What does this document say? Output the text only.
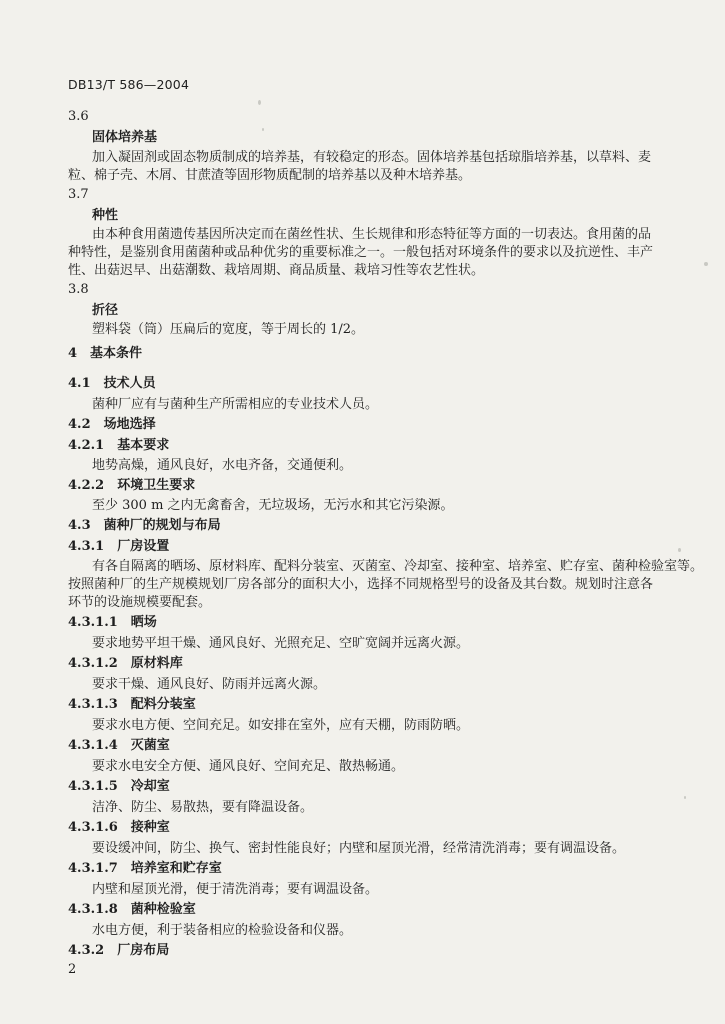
DB13/T 586—2004
3.6
固体培养基
加入凝固剂或固态物质制成的培养基，有较稳定的形态。固体培养基包括琼脂培养基，以草料、麦
粒、棉子壳、木屑、甘蔗渣等固形物质配制的培养基以及种木培养基。
3.7
种性
由本种食用菌遗传基因所决定而在菌丝性状、生长规律和形态特征等方面的一切表达。食用菌的品
种特性，是鉴别食用菌菌种或品种优劣的重要标准之一。一般包括对环境条件的要求以及抗逆性、丰产
性、出菇迟早、出菇潮数、栽培周期、商品质量、栽培习性等农艺性状。
3.8
折径
塑料袋（筒）压扁后的宽度，等于周长的 1/2。
4　基本条件
4.1　技术人员
菌种厂应有与菌种生产所需相应的专业技术人员。
4.2　场地选择
4.2.1　基本要求
地势高燥，通风良好，水电齐备，交通便利。
4.2.2　环境卫生要求
至少 300 m 之内无禽畜舍，无垃圾场，无污水和其它污染源。
4.3　菌种厂的规划与布局
4.3.1　厂房设置
有各自隔离的晒场、原材料库、配料分装室、灭菌室、冷却室、接种室、培养室、贮存室、菌种检验室等。
按照菌种厂的生产规模规划厂房各部分的面积大小，选择不同规格型号的设备及其台数。规划时注意各
环节的设施规模要配套。
4.3.1.1　晒场
要求地势平坦干燥、通风良好、光照充足、空旷宽阔并远离火源。
4.3.1.2　原材料库
要求干燥、通风良好、防雨并远离火源。
4.3.1.3　配料分装室
要求水电方便、空间充足。如安排在室外，应有天棚，防雨防晒。
4.3.1.4　灭菌室
要求水电安全方便、通风良好、空间充足、散热畅通。
4.3.1.5　冷却室
洁净、防尘、易散热，要有降温设备。
4.3.1.6　接种室
要设缓冲间，防尘、换气、密封性能良好；内壁和屋顶光滑，经常清洗消毒；要有调温设备。
4.3.1.7　培养室和贮存室
内壁和屋顶光滑，便于清洗消毒；要有调温设备。
4.3.1.8　菌种检验室
水电方便，利于装备相应的检验设备和仪器。
4.3.2　厂房布局
2
